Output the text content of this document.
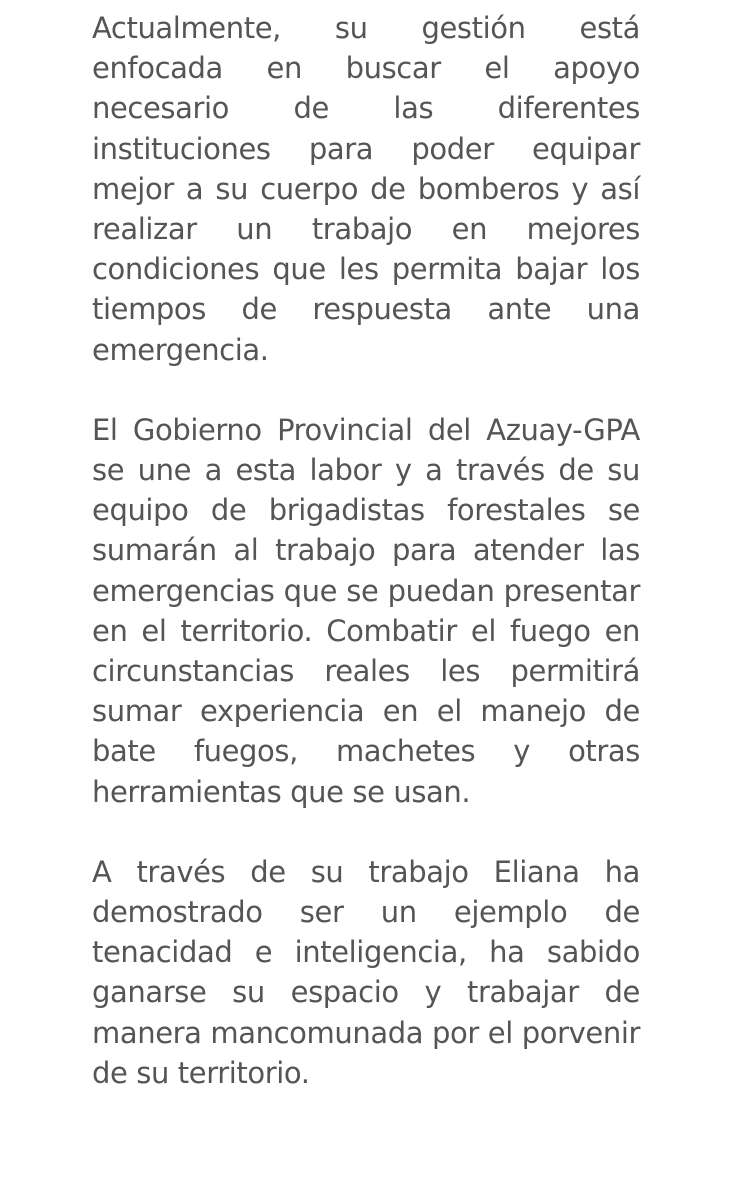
Actualmente, su gestión está enfocada en buscar el apoyo necesario de las diferentes instituciones para poder equipar mejor a su cuerpo de bomberos y así realizar un trabajo en mejores condiciones que les permita bajar los tiempos de respuesta ante una emergencia.

El Gobierno Provincial del Azuay-GPA se une a esta labor y a través de su equipo de brigadistas forestales se sumarán al trabajo para atender las emergencias que se puedan presentar en el territorio. Combatir el fuego en circunstancias reales les permitirá sumar experiencia en el manejo de bate fuegos, machetes y otras herramientas que se usan.

A través de su trabajo Eliana ha demostrado ser un ejemplo de tenacidad e inteligencia, ha sabido ganarse su espacio y trabajar de manera mancomunada por el porvenir de su territorio.
